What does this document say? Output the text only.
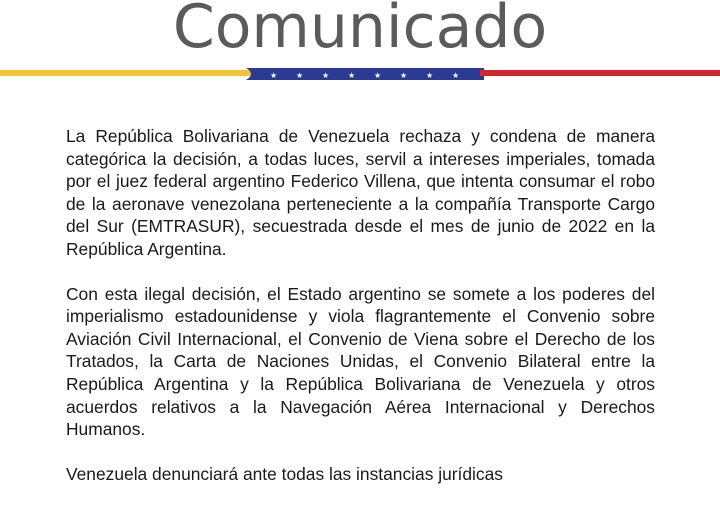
Comunicado
★ ★ ★ ★ ★ ★ ★ ★

La República Bolivariana de Venezuela rechaza y condena de manera categórica la decisión, a todas luces, servil a intereses imperiales, tomada por el juez federal argentino Federico Villena, que intenta consumar el robo de la aeronave venezolana perteneciente a la compañía Transporte Cargo del Sur (EMTRASUR), secuestrada desde el mes de junio de 2022 en la República Argentina.

Con esta ilegal decisión, el Estado argentino se somete a los poderes del imperialismo estadounidense y viola flagrantemente el Convenio sobre Aviación Civil Internacional, el Convenio de Viena sobre el Derecho de los Tratados, la Carta de Naciones Unidas, el Convenio Bilateral entre la República Argentina y la República Bolivariana de Venezuela y otros acuerdos relativos a la Navegación Aérea Internacional y Derechos Humanos.

Venezuela denunciará ante todas las instancias jurídicas
